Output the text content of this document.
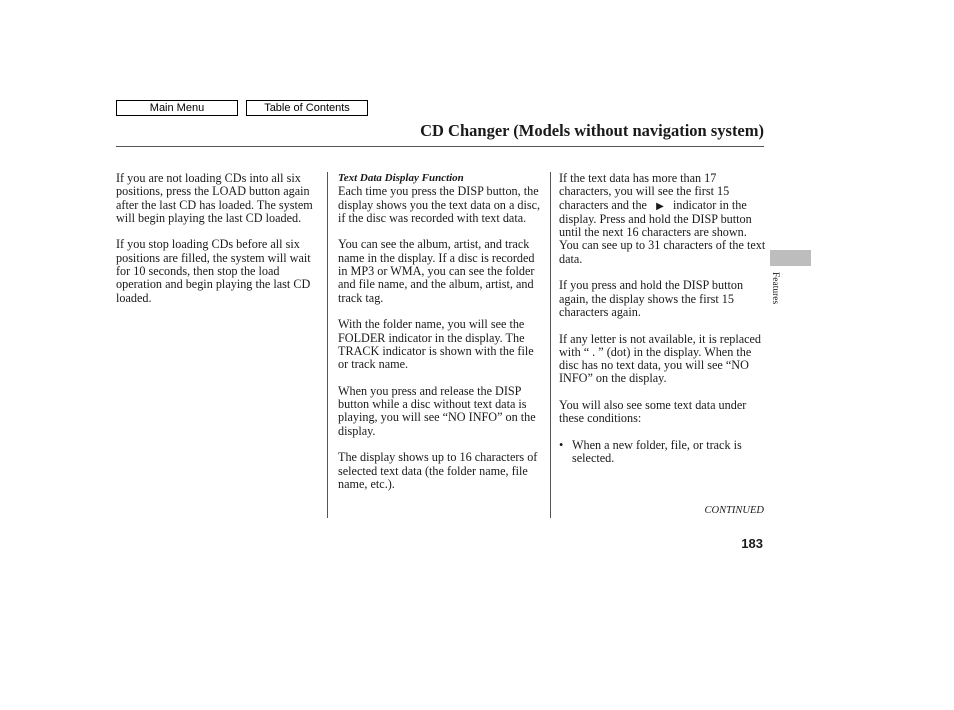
Main Menu	Table of Contents
CD Changer (Models without navigation system)

If you are not loading CDs into all six positions, press the LOAD button again after the last CD has loaded. The system will begin playing the last CD loaded.

If you stop loading CDs before all six positions are filled, the system will wait for 10 seconds, then stop the load operation and begin playing the last CD loaded.

Text Data Display Function

Each time you press the DISP button, the display shows you the text data on a disc, if the disc was recorded with text data.

You can see the album, artist, and track name in the display. If a disc is recorded in MP3 or WMA, you can see the folder and file name, and the album, artist, and track tag.

With the folder name, you will see the FOLDER indicator in the display. The TRACK indicator is shown with the file or track name.

When you press and release the DISP button while a disc without text data is playing, you will see “NO INFO” on the display.

The display shows up to 16 characters of selected text data (the folder name, file name, etc.).

If the text data has more than 17 characters, you will see the first 15 characters and the ▶ indicator in the display. Press and hold the DISP button until the next 16 characters are shown. You can see up to 31 characters of the text data.

If you press and hold the DISP button again, the display shows the first 15 characters again.

If any letter is not available, it is replaced with “ . ” (dot) in the display. When the disc has no text data, you will see “NO INFO” on the display.

You will also see some text data under these conditions:

• When a new folder, file, or track is selected.
CONTINUED
183
Features
